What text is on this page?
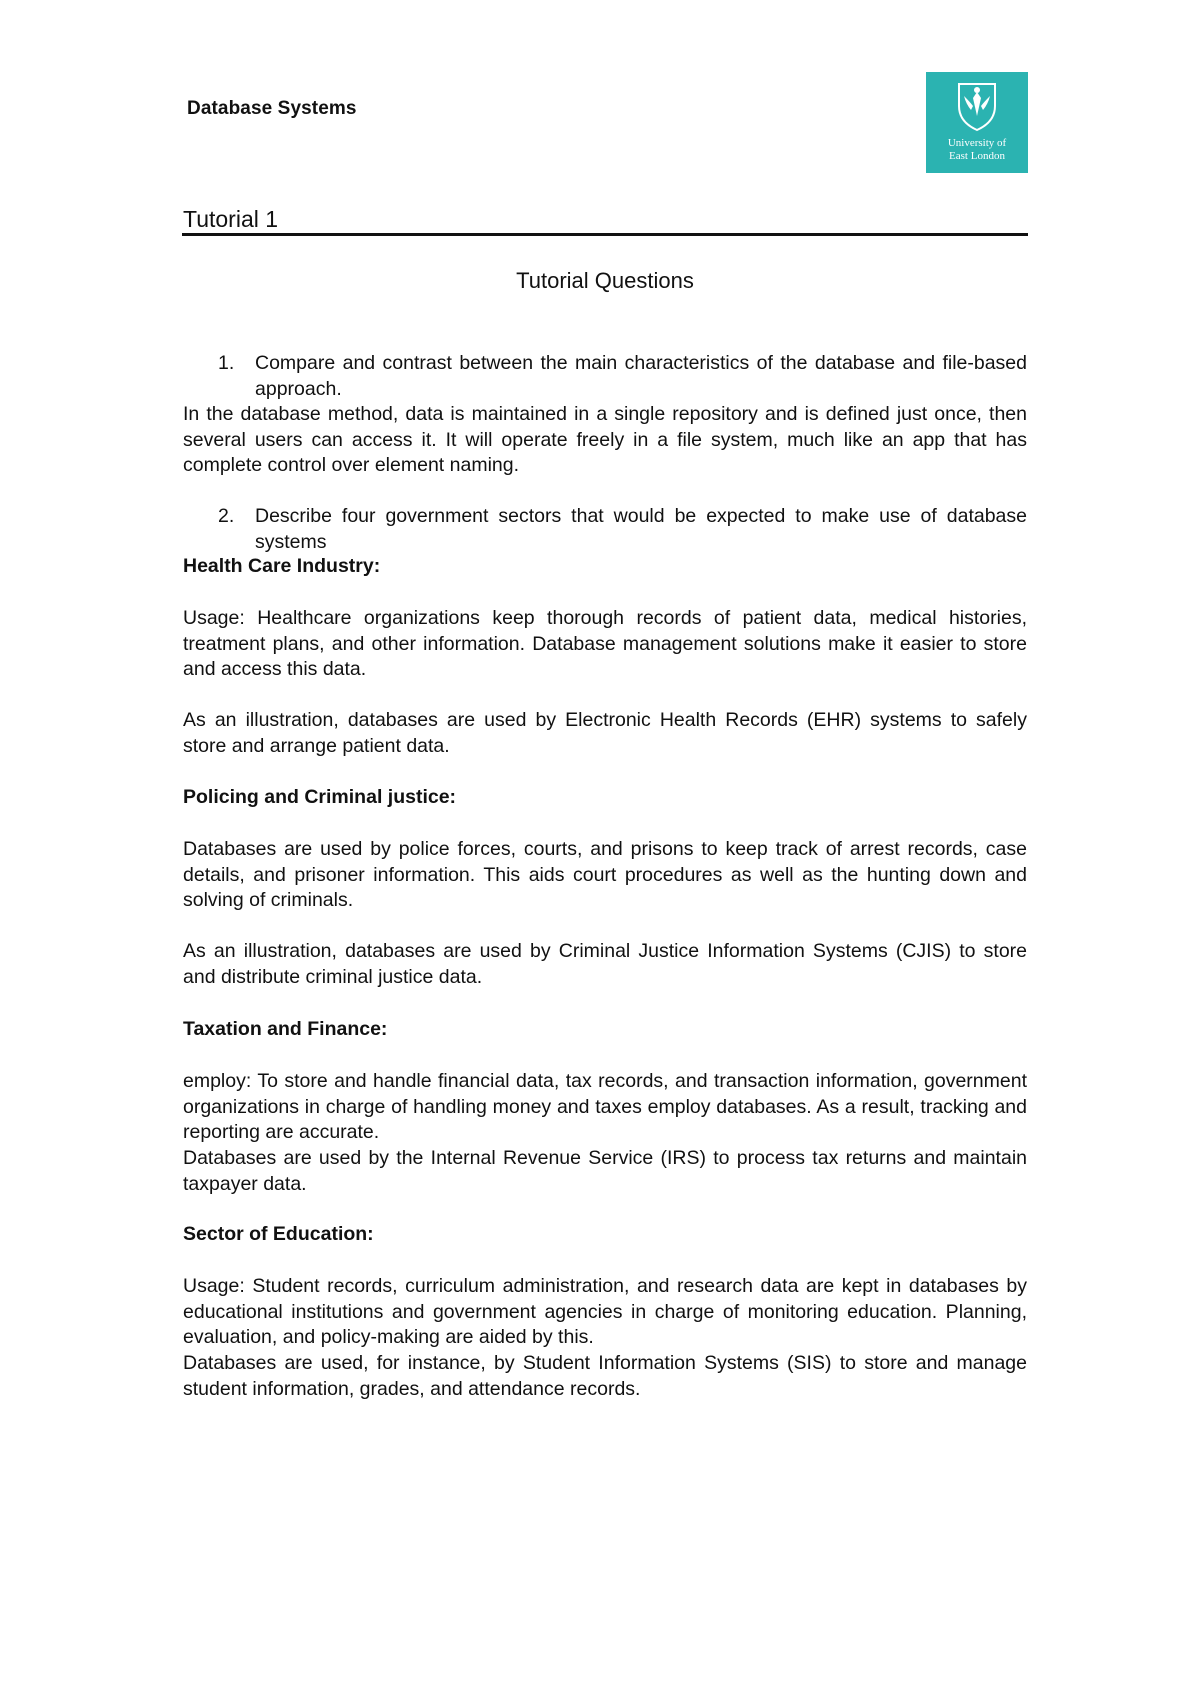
Database Systems
University of
East London
Tutorial 1
Tutorial Questions
1. Compare and contrast between the main characteristics of the database and file-based approach.

In the database method, data is maintained in a single repository and is defined just once, then several users can access it. It will operate freely in a file system, much like an app that has complete control over element naming.

2. Describe four government sectors that would be expected to make use of database systems
Health Care Industry:
Usage: Healthcare organizations keep thorough records of patient data, medical histories, treatment plans, and other information. Database management solutions make it easier to store and access this data.
As an illustration, databases are used by Electronic Health Records (EHR) systems to safely store and arrange patient data.
Policing and Criminal justice:
Databases are used by police forces, courts, and prisons to keep track of arrest records, case details, and prisoner information. This aids court procedures as well as the hunting down and solving of criminals.
As an illustration, databases are used by Criminal Justice Information Systems (CJIS) to store and distribute criminal justice data.
Taxation and Finance:
employ: To store and handle financial data, tax records, and transaction information, government organizations in charge of handling money and taxes employ databases. As a result, tracking and reporting are accurate.
Databases are used by the Internal Revenue Service (IRS) to process tax returns and maintain taxpayer data.
Sector of Education:
Usage: Student records, curriculum administration, and research data are kept in databases by educational institutions and government agencies in charge of monitoring education. Planning, evaluation, and policy-making are aided by this.
Databases are used, for instance, by Student Information Systems (SIS) to store and manage student information, grades, and attendance records.
